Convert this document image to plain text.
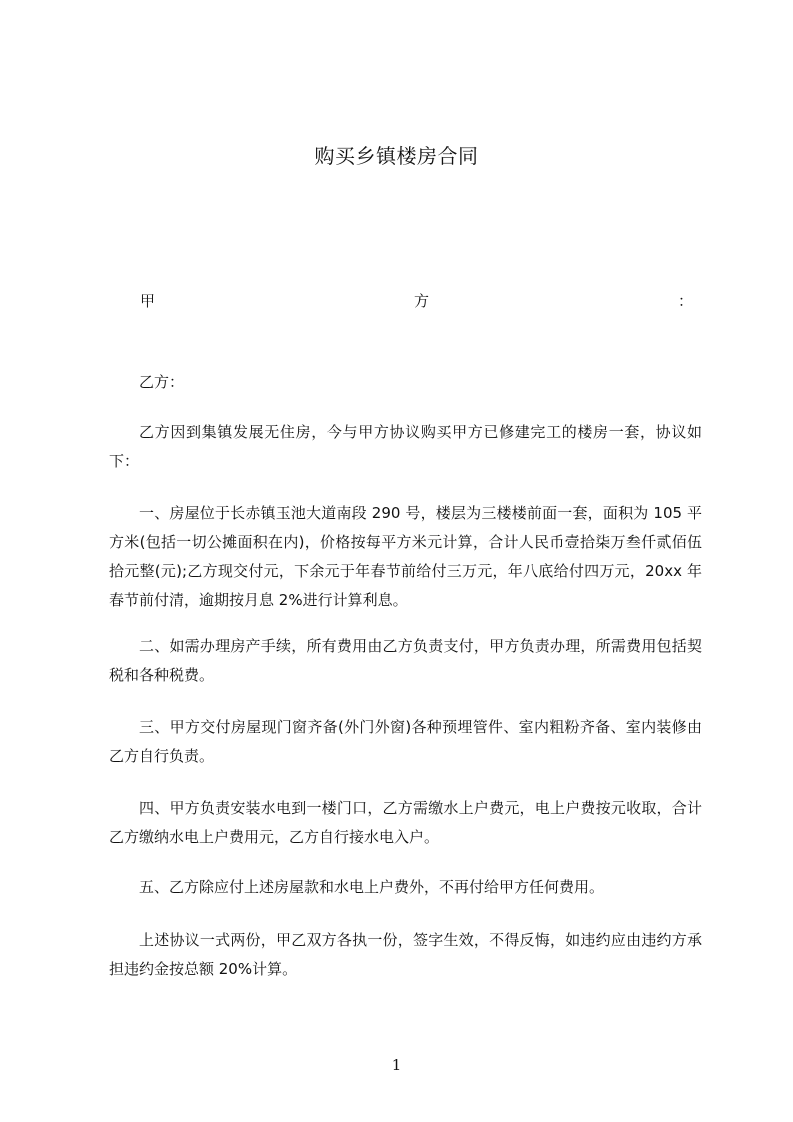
购买乡镇楼房合同
甲	方	：

乙方：

乙方因到集镇发展无住房，今与甲方协议购买甲方已修建完工的楼房一套，协议如下：

一、房屋位于长赤镇玉池大道南段 290 号，楼层为三楼楼前面一套，面积为 105 平方米(包括一切公摊面积在内)，价格按每平方米元计算，合计人民币壹拾柒万叁仟贰佰伍拾元整(元);乙方现交付元，下余元于年春节前给付三万元，年八底给付四万元，20xx 年春节前付清，逾期按月息 2%进行计算利息。

二、如需办理房产手续，所有费用由乙方负责支付，甲方负责办理，所需费用包括契税和各种税费。

三、甲方交付房屋现门窗齐备(外门外窗)各种预埋管件、室内粗粉齐备、室内装修由乙方自行负责。

四、甲方负责安装水电到一楼门口，乙方需缴水上户费元，电上户费按元收取，合计乙方缴纳水电上户费用元，乙方自行接水电入户。

五、乙方除应付上述房屋款和水电上户费外，不再付给甲方任何费用。

上述协议一式两份，甲乙双方各执一份，签字生效，不得反悔，如违约应由违约方承担违约金按总额 20%计算。

1
